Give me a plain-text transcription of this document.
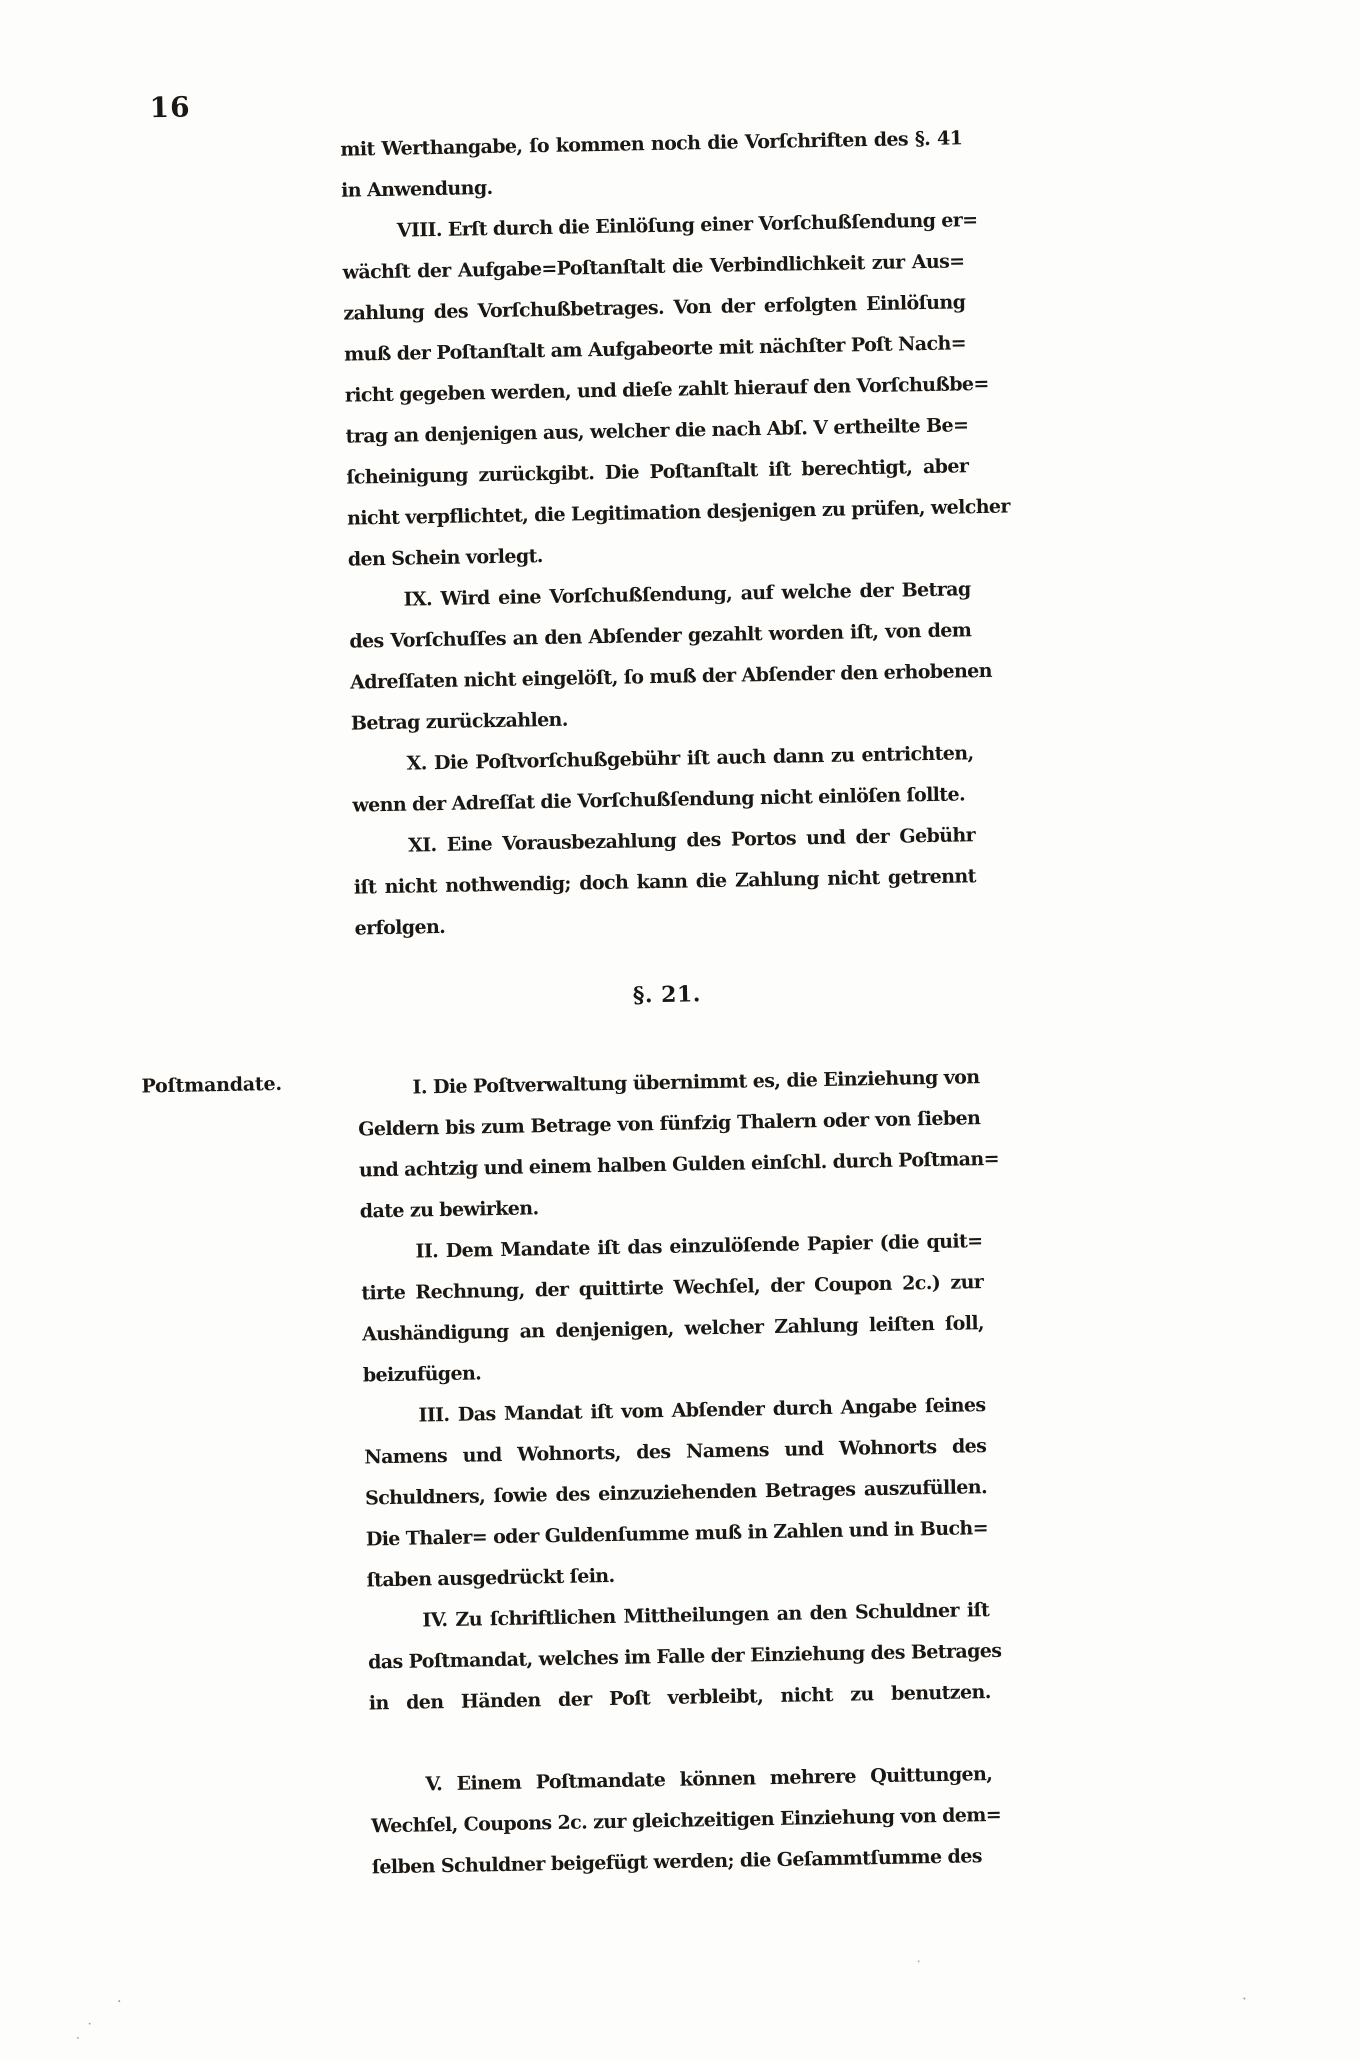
16
mit Werthangabe, ſo kommen noch die Vorſchriften des §. 41
in Anwendung.
VIII. Erſt durch die Einlöſung einer Vorſchußſendung er=
wächſt der Aufgabe=Poſtanſtalt die Verbindlichkeit zur Aus=
zahlung des Vorſchußbetrages. Von der erfolgten Einlöſung
muß der Poſtanſtalt am Aufgabeorte mit nächſter Poſt Nach=
richt gegeben werden, und dieſe zahlt hierauf den Vorſchußbe=
trag an denjenigen aus, welcher die nach Abſ. V ertheilte Be=
ſcheinigung zurückgibt. Die Poſtanſtalt iſt berechtigt, aber
nicht verpflichtet, die Legitimation desjenigen zu prüfen, welcher
den Schein vorlegt.
IX. Wird eine Vorſchußſendung, auf welche der Betrag
des Vorſchuſſes an den Abſender gezahlt worden iſt, von dem
Adreſſaten nicht eingelöſt, ſo muß der Abſender den erhobenen
Betrag zurückzahlen.
X. Die Poſtvorſchußgebühr iſt auch dann zu entrichten,
wenn der Adreſſat die Vorſchußſendung nicht einlöſen ſollte.
XI. Eine Vorausbezahlung des Portos und der Gebühr
iſt nicht nothwendig; doch kann die Zahlung nicht getrennt
erfolgen.
§. 21.
Poſtmandate.	I. Die Poſtverwaltung übernimmt es, die Einziehung von
Geldern bis zum Betrage von fünfzig Thalern oder von ſieben
und achtzig und einem halben Gulden einſchl. durch Poſtman=
date zu bewirken.
II. Dem Mandate iſt das einzulöſende Papier (die quit=
tirte Rechnung, der quittirte Wechſel, der Coupon 2c.) zur
Aushändigung an denjenigen, welcher Zahlung leiſten ſoll,
beizufügen.
III. Das Mandat iſt vom Abſender durch Angabe ſeines
Namens und Wohnorts, des Namens und Wohnorts des
Schuldners, ſowie des einzuziehenden Betrages auszufüllen.
Die Thaler= oder Guldenſumme muß in Zahlen und in Buch=
ſtaben ausgedrückt ſein.
IV. Zu ſchriftlichen Mittheilungen an den Schuldner iſt
das Poſtmandat, welches im Falle der Einziehung des Betrages
in den Händen der Poſt verbleibt, nicht zu benutzen.
V. Einem Poſtmandate können mehrere Quittungen,
Wechſel, Coupons 2c. zur gleichzeitigen Einziehung von dem=
ſelben Schuldner beigefügt werden; die Geſammtſumme des
